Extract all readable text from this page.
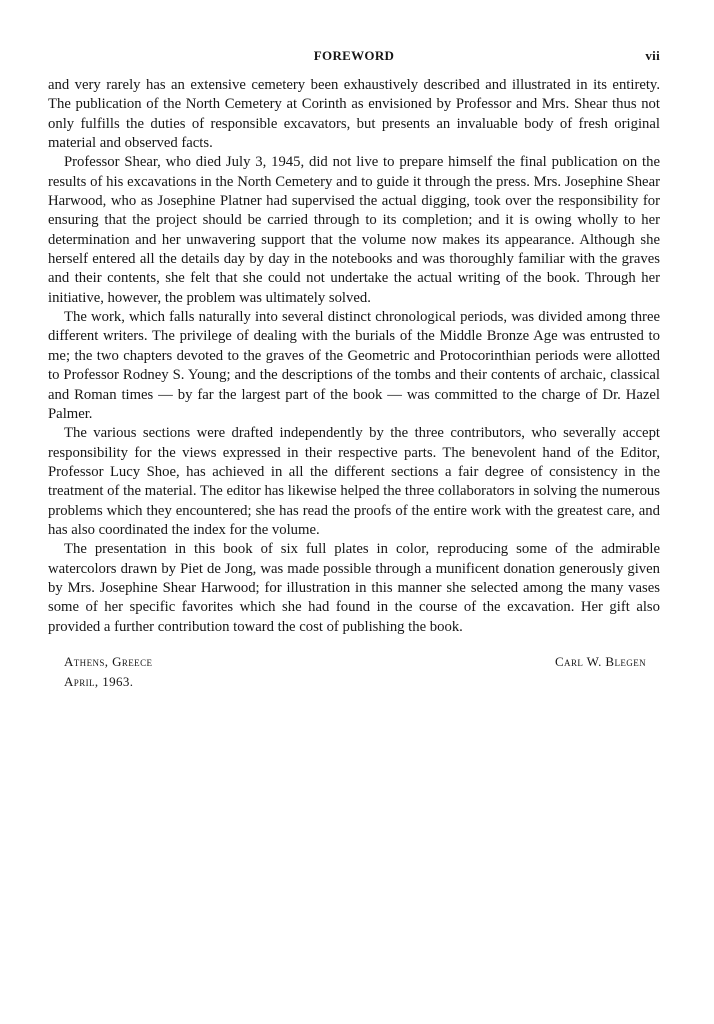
FOREWORD	vii

and very rarely has an extensive cemetery been exhaustively described and illustrated in its entirety. The publication of the North Cemetery at Corinth as envisioned by Professor and Mrs. Shear thus not only fulfills the duties of responsible excavators, but presents an invaluable body of fresh original material and observed facts.

Professor Shear, who died July 3, 1945, did not live to prepare himself the final publication on the results of his excavations in the North Cemetery and to guide it through the press. Mrs. Josephine Shear Harwood, who as Josephine Platner had supervised the actual digging, took over the responsibility for ensuring that the project should be carried through to its completion; and it is owing wholly to her determination and her unwavering support that the volume now makes its appearance. Although she herself entered all the details day by day in the notebooks and was thoroughly familiar with the graves and their contents, she felt that she could not undertake the actual writing of the book. Through her initiative, however, the problem was ultimately solved.

The work, which falls naturally into several distinct chronological periods, was divided among three different writers. The privilege of dealing with the burials of the Middle Bronze Age was entrusted to me; the two chapters devoted to the graves of the Geometric and Protocorinthian periods were allotted to Professor Rodney S. Young; and the descriptions of the tombs and their contents of archaic, classical and Roman times — by far the largest part of the book — was committed to the charge of Dr. Hazel Palmer.

The various sections were drafted independently by the three contributors, who severally accept responsibility for the views expressed in their respective parts. The benevolent hand of the Editor, Professor Lucy Shoe, has achieved in all the different sections a fair degree of consistency in the treatment of the material. The editor has likewise helped the three collaborators in solving the numerous problems which they encountered; she has read the proofs of the entire work with the greatest care, and has also coordinated the index for the volume.

The presentation in this book of six full plates in color, reproducing some of the admirable watercolors drawn by Piet de Jong, was made possible through a munificent donation generously given by Mrs. Josephine Shear Harwood; for illustration in this manner she selected among the many vases some of her specific favorites which she had found in the course of the excavation. Her gift also provided a further contribution toward the cost of publishing the book.

Athens, Greece
April, 1963.
Carl W. Blegen
